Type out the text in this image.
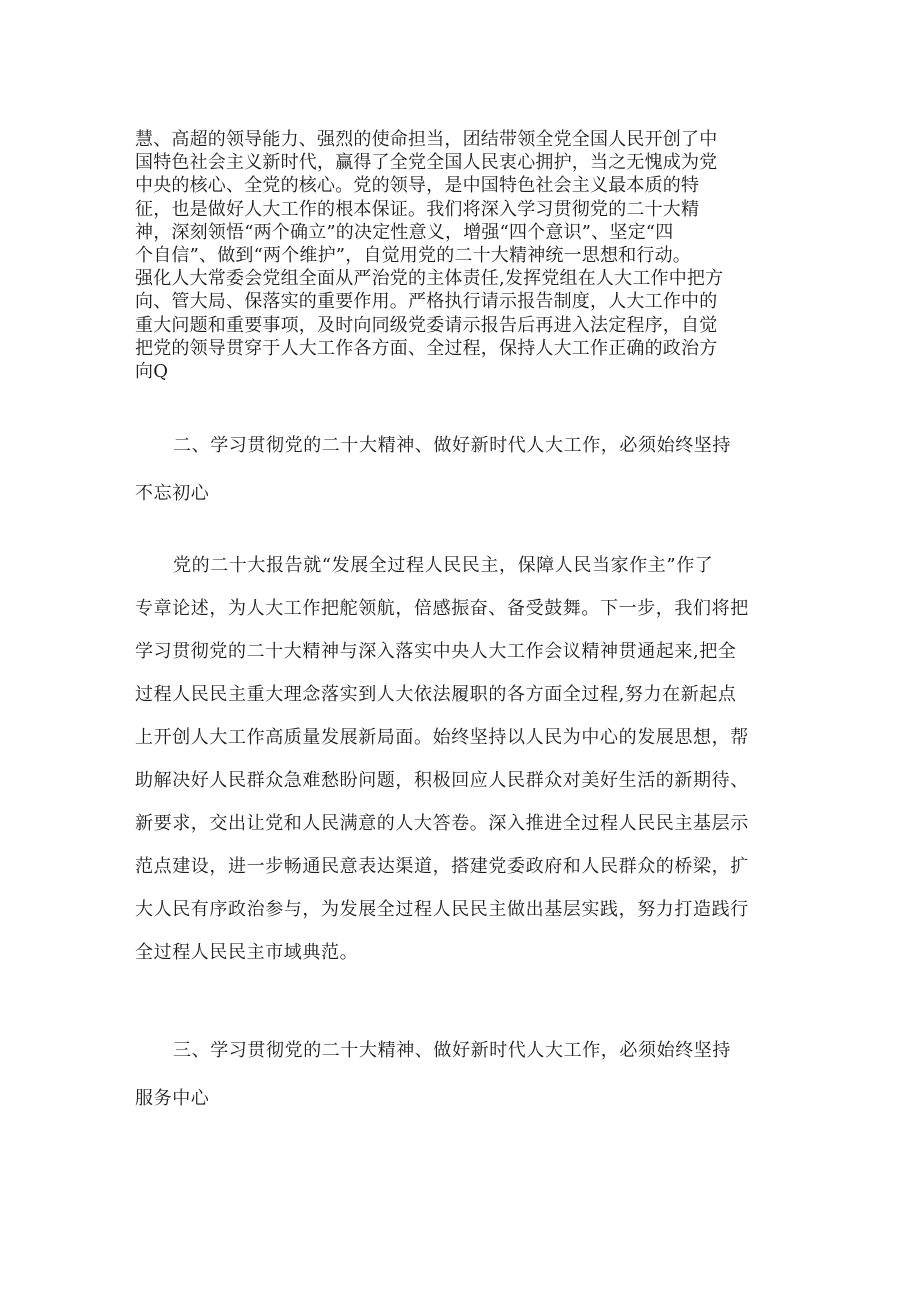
慧、高超的领导能力、强烈的使命担当，团结带领全党全国人民开创了中
国特色社会主义新时代，赢得了全党全国人民衷心拥护，当之无愧成为党
中央的核心、全党的核心。党的领导，是中国特色社会主义最本质的特
征，也是做好人大工作的根本保证。我们将深入学习贯彻党的二十大精
神，深刻领悟“两个确立”的决定性意义，增强“四个意识”、坚定“四
个自信”、做到“两个维护”，自觉用党的二十大精神统一思想和行动。
强化人大常委会党组全面从严治党的主体责任,发挥党组在人大工作中把方
向、管大局、保落实的重要作用。严格执行请示报告制度，人大工作中的
重大问题和重要事项，及时向同级党委请示报告后再进入法定程序，自觉
把党的领导贯穿于人大工作各方面、全过程，保持人大工作正确的政治方
向Q
二、学习贯彻党的二十大精神、做好新时代人大工作，必须始终坚持
不忘初心
党的二十大报告就“发展全过程人民民主，保障人民当家作主”作了
专章论述，为人大工作把舵领航，倍感振奋、备受鼓舞。下一步，我们将把
学习贯彻党的二十大精神与深入落实中央人大工作会议精神贯通起来,把全
过程人民民主重大理念落实到人大依法履职的各方面全过程,努力在新起点
上开创人大工作高质量发展新局面。始终坚持以人民为中心的发展思想，帮
助解决好人民群众急难愁盼问题，积极回应人民群众对美好生活的新期待、
新要求，交出让党和人民满意的人大答卷。深入推进全过程人民民主基层示
范点建设，进一步畅通民意表达渠道，搭建党委政府和人民群众的桥梁，扩
大人民有序政治参与，为发展全过程人民民主做出基层实践，努力打造践行
全过程人民民主市域典范。
三、学习贯彻党的二十大精神、做好新时代人大工作，必须始终坚持
服务中心
